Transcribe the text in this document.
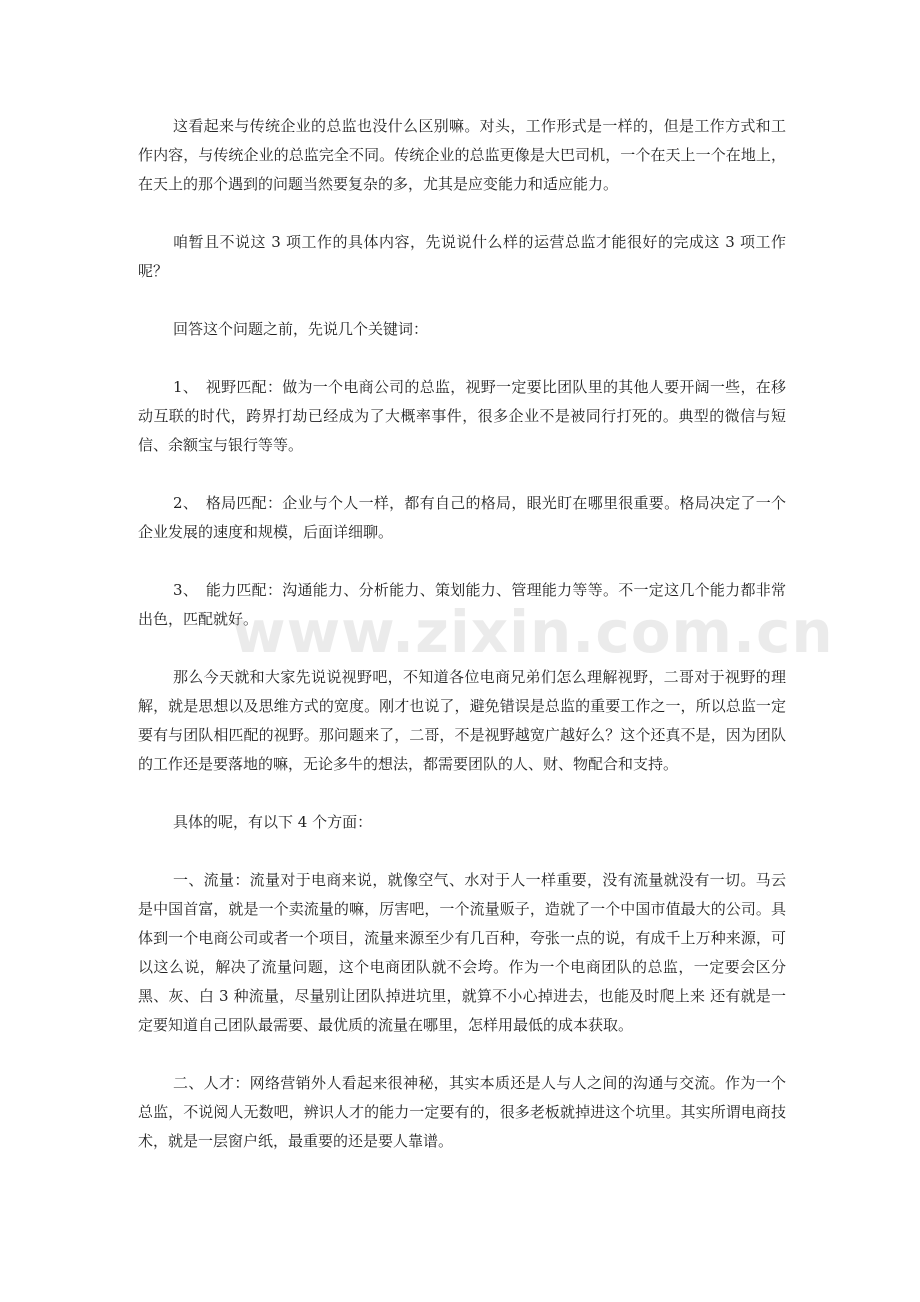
这看起来与传统企业的总监也没什么区别嘛。对头，工作形式是一样的，但是工作方式和工作内容，与传统企业的总监完全不同。传统企业的总监更像是大巴司机，一个在天上一个在地上，在天上的那个遇到的问题当然要复杂的多，尤其是应变能力和适应能力。

咱暂且不说这 3 项工作的具体内容，先说说什么样的运营总监才能很好的完成这 3 项工作呢？

回答这个问题之前，先说几个关键词：

1、　视野匹配：做为一个电商公司的总监，视野一定要比团队里的其他人要开阔一些，在移动互联的时代，跨界打劫已经成为了大概率事件，很多企业不是被同行打死的。典型的微信与短信、余额宝与银行等等。

2、　格局匹配：企业与个人一样，都有自己的格局，眼光盯在哪里很重要。格局决定了一个企业发展的速度和规模，后面详细聊。

3、　能力匹配：沟通能力、分析能力、策划能力、管理能力等等。不一定这几个能力都非常出色，匹配就好。

那么今天就和大家先说说视野吧，不知道各位电商兄弟们怎么理解视野，二哥对于视野的理解，就是思想以及思维方式的宽度。刚才也说了，避免错误是总监的重要工作之一，所以总监一定要有与团队相匹配的视野。那问题来了，二哥，不是视野越宽广越好么？这个还真不是，因为团队的工作还是要落地的嘛，无论多牛的想法，都需要团队的人、财、物配合和支持。

具体的呢，有以下 4 个方面：

一、流量：流量对于电商来说，就像空气、水对于人一样重要，没有流量就没有一切。马云是中国首富，就是一个卖流量的嘛，厉害吧，一个流量贩子，造就了一个中国市值最大的公司。具体到一个电商公司或者一个项目，流量来源至少有几百种，夸张一点的说，有成千上万种来源，可以这么说，解决了流量问题，这个电商团队就不会垮。作为一个电商团队的总监，一定要会区分黑、灰、白 3 种流量，尽量别让团队掉进坑里，就算不小心掉进去，也能及时爬上来 还有就是一定要知道自己团队最需要、最优质的流量在哪里，怎样用最低的成本获取。

二、人才：网络营销外人看起来很神秘，其实本质还是人与人之间的沟通与交流。作为一个总监，不说阅人无数吧，辨识人才的能力一定要有的，很多老板就掉进这个坑里。其实所谓电商技术，就是一层窗户纸，最重要的还是要人靠谱。

www.zixin.com.cn
